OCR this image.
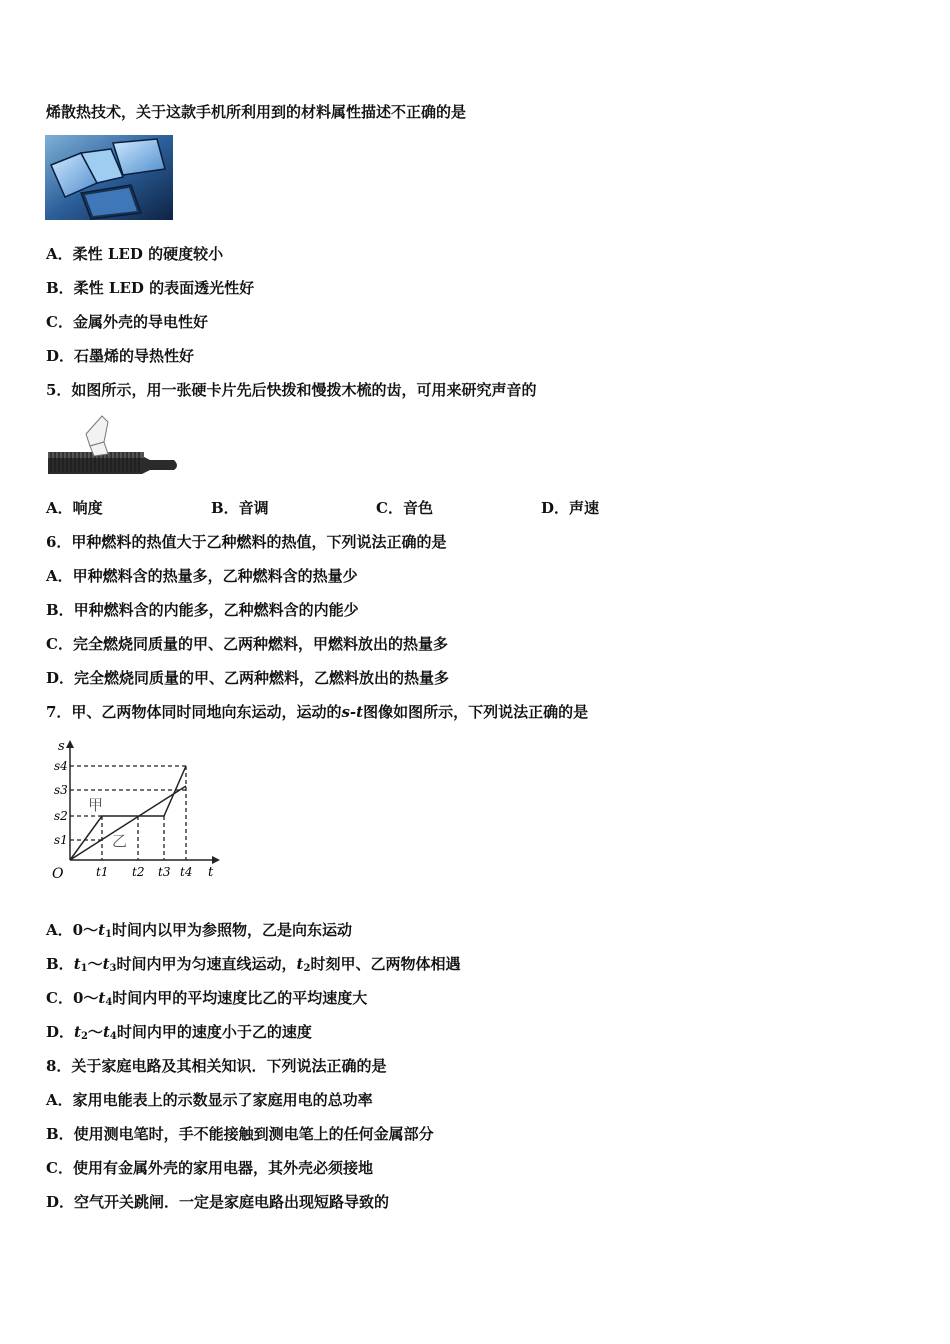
烯散热技术，关于这款手机所利用到的材料属性描述不正确的是
A．柔性 LED 的硬度较小
B．柔性 LED 的表面透光性好
C．金属外壳的导电性好
D．石墨烯的导热性好
5．如图所示，用一张硬卡片先后快拨和慢拨木梳的齿，可用来研究声音的
A．响度	B．音调	C．音色	D．声速
6．甲种燃料的热值大于乙种燃料的热值，下列说法正确的是
A．甲种燃料含的热量多，乙种燃料含的热量少
B．甲种燃料含的内能多，乙种燃料含的内能少
C．完全燃烧同质量的甲、乙两种燃料，甲燃料放出的热量多
D．完全燃烧同质量的甲、乙两种燃料，乙燃料放出的热量多
7．甲、乙两物体同时同地向东运动，运动的s-t图像如图所示，下列说法正确的是
s
t
O
甲
乙
s1
s2
s3
s4
t1 t2 t3 t4
A．$0\sim t_1$时间内以甲为参照物，乙是向东运动
B．$t_1\sim t_3$时间内甲为匀速直线运动，$t_2$时刻甲、乙两物体相遇
C．$0\sim t_4$时间内甲的平均速度比乙的平均速度大
D．$t_2\sim t_4$时间内甲的速度小于乙的速度
8．关于家庭电路及其相关知识．下列说法正确的是
A．家用电能表上的示数显示了家庭用电的总功率
B．使用测电笔时，手不能接触到测电笔上的任何金属部分
C．使用有金属外壳的家用电器，其外壳必须接地
D．空气开关跳闸．一定是家庭电路出现短路导致的
